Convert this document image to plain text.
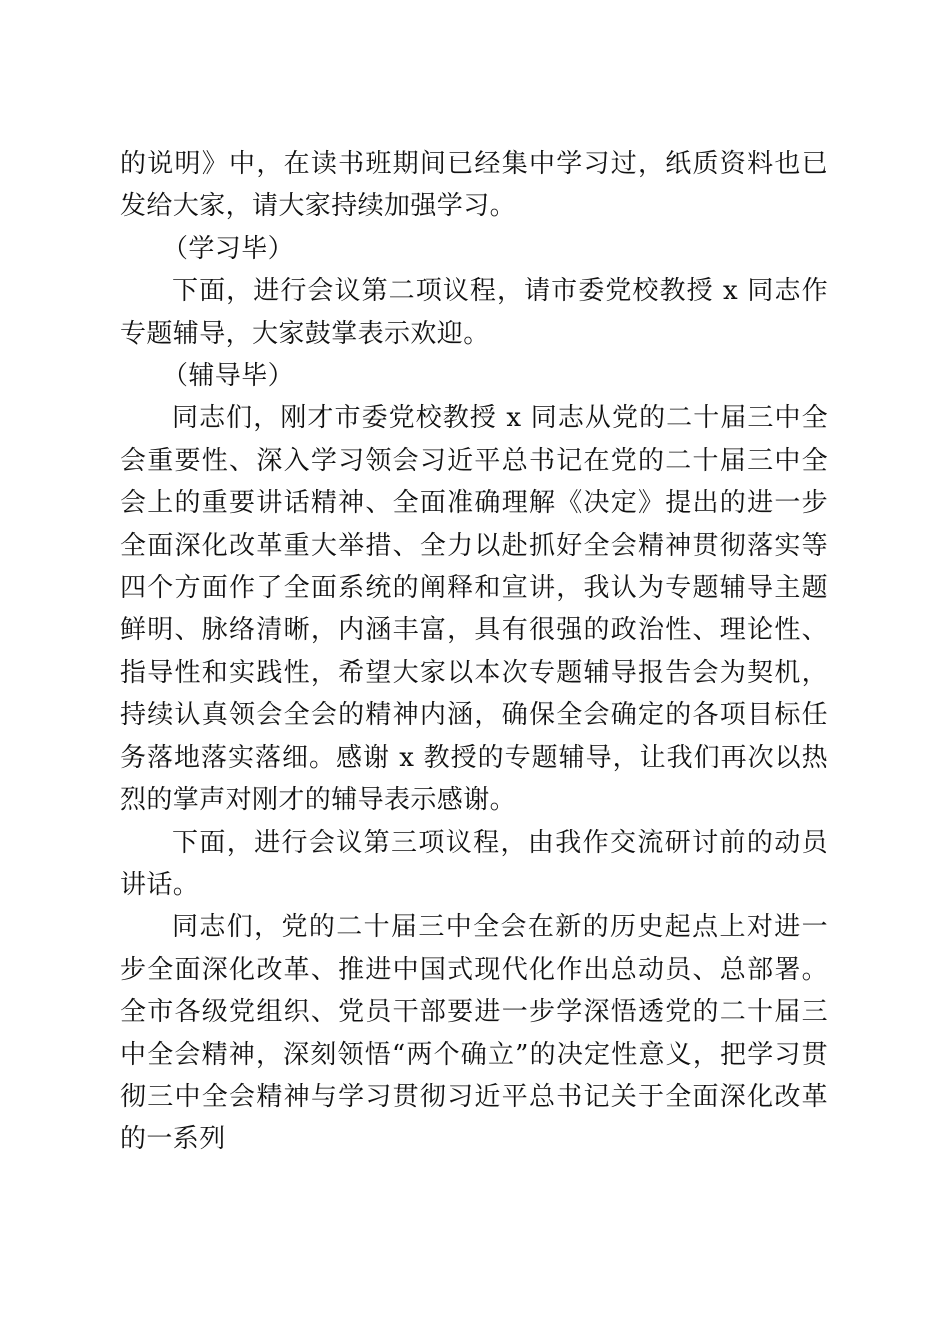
的说明》中，在读书班期间已经集中学习过，纸质资料也已发给大家，请大家持续加强学习。

（学习毕）

下面，进行会议第二项议程，请市委党校教授 x 同志作专题辅导，大家鼓掌表示欢迎。

（辅导毕）

同志们，刚才市委党校教授 x 同志从党的二十届三中全会重要性、深入学习领会习近平总书记在党的二十届三中全会上的重要讲话精神、全面准确理解《决定》提出的进一步全面深化改革重大举措、全力以赴抓好全会精神贯彻落实等四个方面作了全面系统的阐释和宣讲，我认为专题辅导主题鲜明、脉络清晰，内涵丰富，具有很强的政治性、理论性、指导性和实践性，希望大家以本次专题辅导报告会为契机，持续认真领会全会的精神内涵，确保全会确定的各项目标任务落地落实落细。感谢 x 教授的专题辅导，让我们再次以热烈的掌声对刚才的辅导表示感谢。

下面，进行会议第三项议程，由我作交流研讨前的动员讲话。

同志们，党的二十届三中全会在新的历史起点上对进一步全面深化改革、推进中国式现代化作出总动员、总部署。全市各级党组织、党员干部要进一步学深悟透党的二十届三中全会精神，深刻领悟“两个确立”的决定性意义，把学习贯彻三中全会精神与学习贯彻习近平总书记关于全面深化改革的一系列
